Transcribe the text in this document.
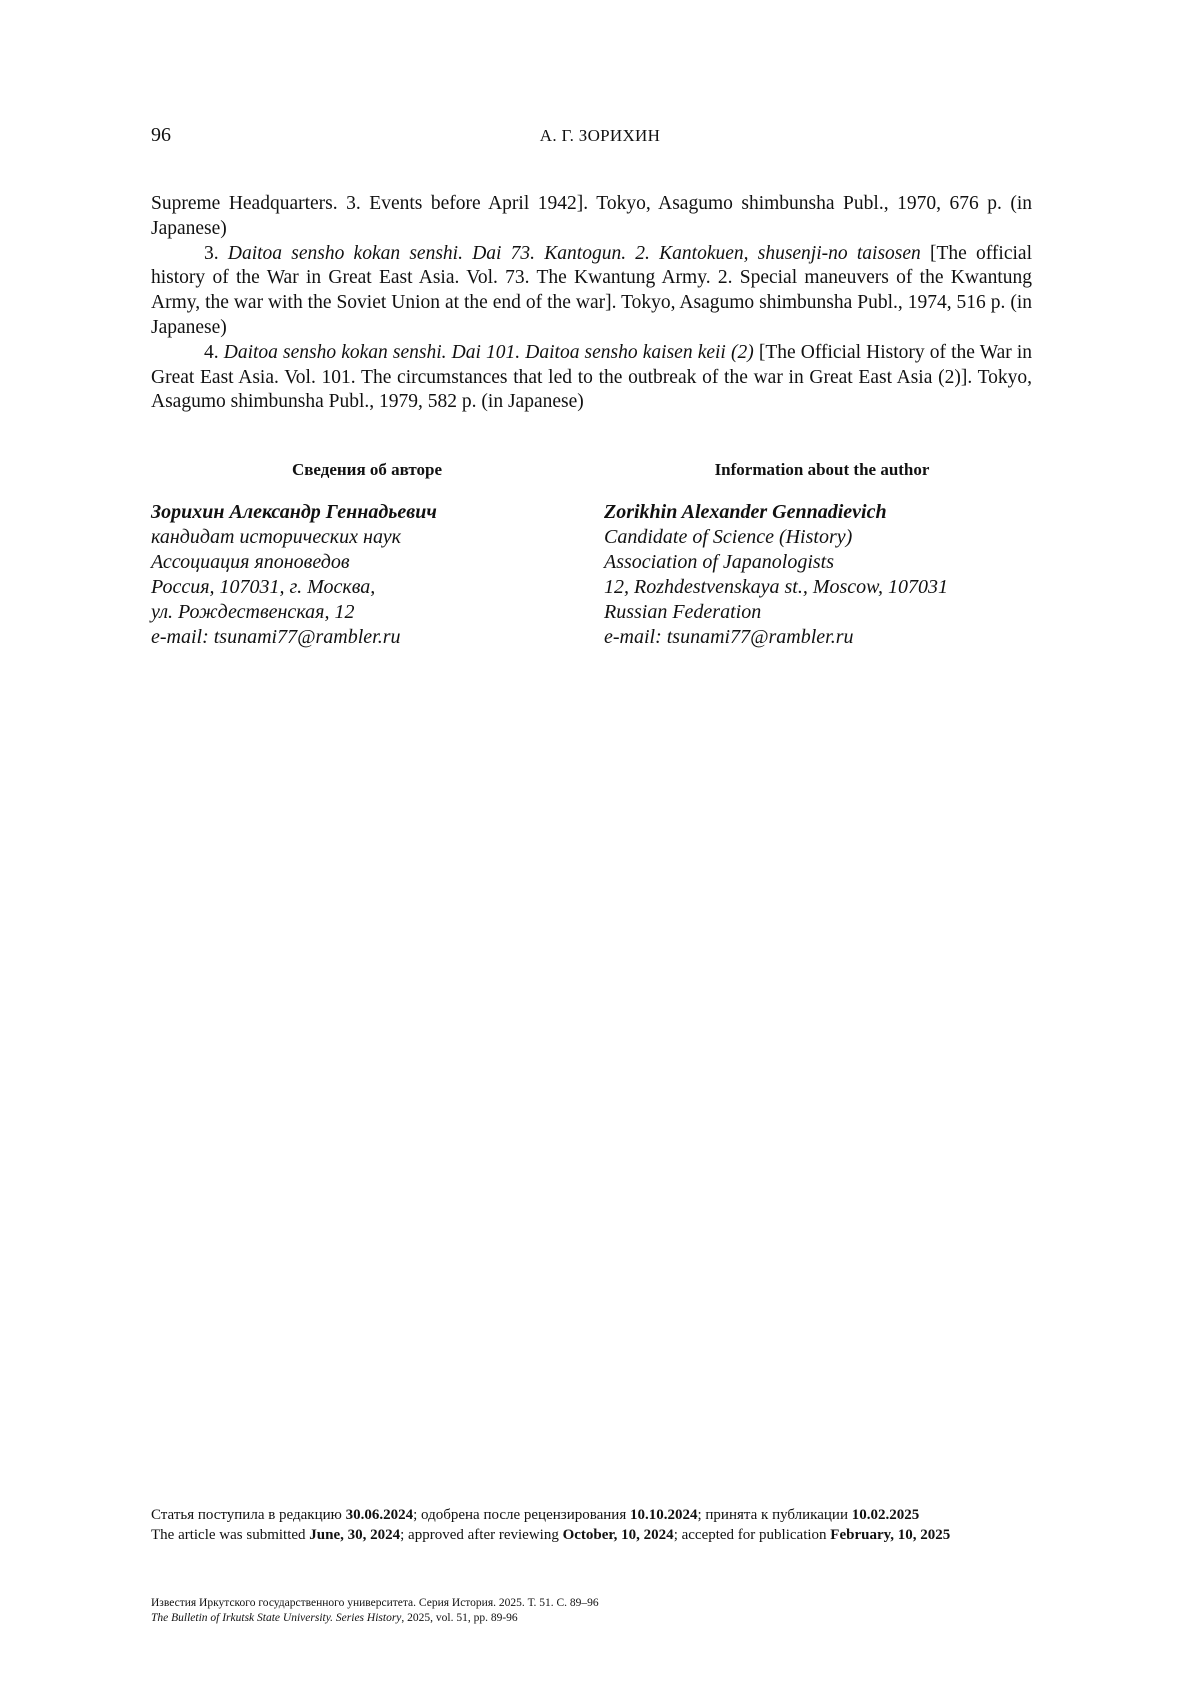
96	А. Г. ЗОРИХИН

Supreme Headquarters. 3. Events before April 1942]. Tokyo, Asagumo shimbunsha Publ., 1970, 676 p. (in Japanese)

3. Daitoa sensho kokan senshi. Dai 73. Kantogun. 2. Kantokuen, shusenji-no taisosen [The official history of the War in Great East Asia. Vol. 73. The Kwantung Army. 2. Special maneuvers of the Kwantung Army, the war with the Soviet Union at the end of the war]. Tokyo, Asagumo shimbunsha Publ., 1974, 516 p. (in Japanese)

4. Daitoa sensho kokan senshi. Dai 101. Daitoa sensho kaisen keii (2) [The Official History of the War in Great East Asia. Vol. 101. The circumstances that led to the outbreak of the war in Great East Asia (2)]. Tokyo, Asagumo shimbunsha Publ., 1979, 582 p. (in Japanese)

Сведения об авторе

Зорихин Александр Геннадьевич

кандидат исторических наук

Ассоциация японоведов

Россия, 107031, г. Москва,

ул. Рождественская, 12

e-mail: tsunami77@rambler.ru

Information about the author

Zorikhin Alexander Gennadievich

Candidate of Science (History)

Association of Japanologists

12, Rozhdestvenskaya st., Moscow, 107031

Russian Federation

e-mail: tsunami77@rambler.ru

Статья поступила в редакцию 30.06.2024; одобрена после рецензирования 10.10.2024; принята к публикации 10.02.2025

The article was submitted June, 30, 2024; approved after reviewing October, 10, 2024; accepted for publication February, 10, 2025

Известия Иркутского государственного университета. Серия История. 2025. Т. 51. С. 89–96

The Bulletin of Irkutsk State University. Series History, 2025, vol. 51, pp. 89-96
